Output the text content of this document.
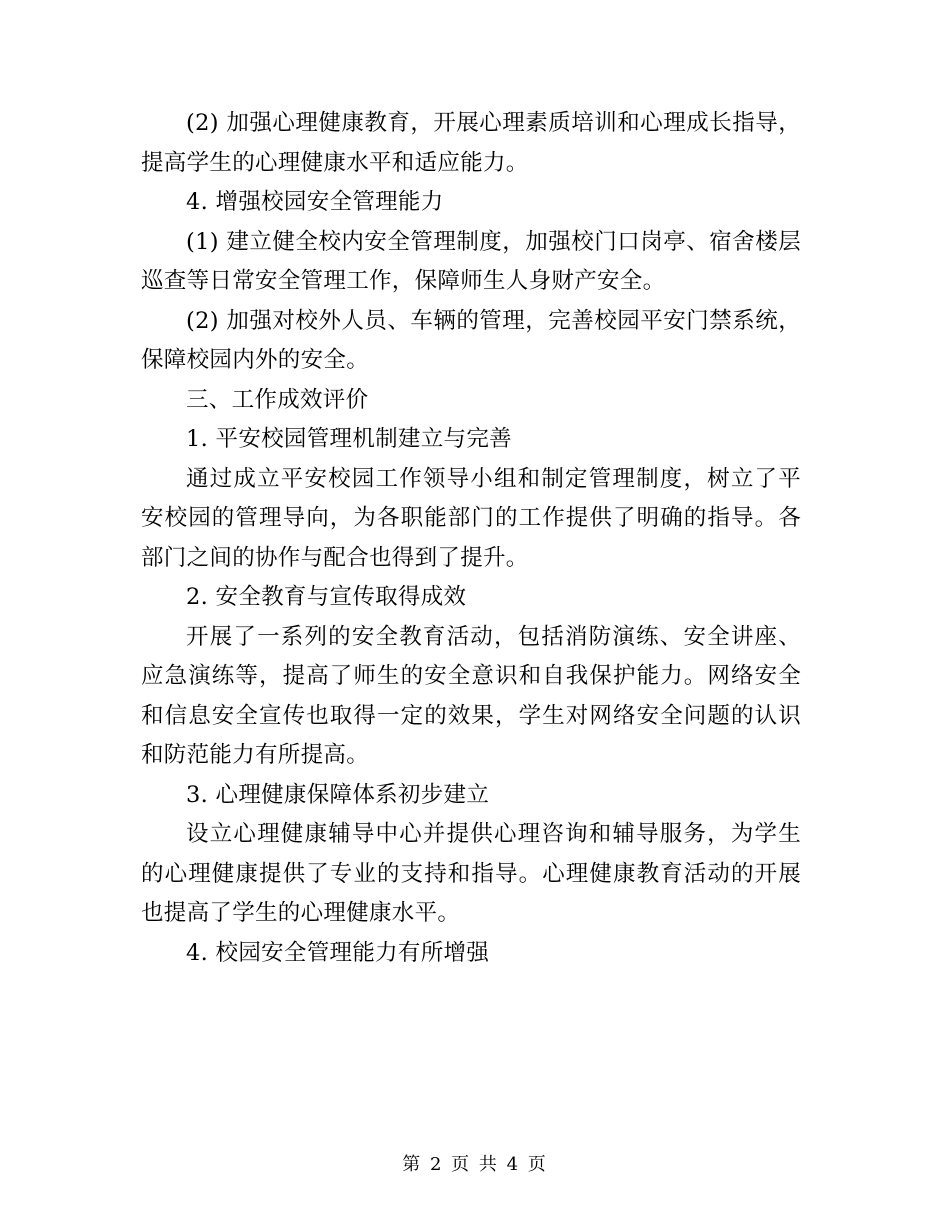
(2) 加强心理健康教育，开展心理素质培训和心理成长指导，提高学生的心理健康水平和适应能力。

4. 增强校园安全管理能力

(1) 建立健全校内安全管理制度，加强校门口岗亭、宿舍楼层巡查等日常安全管理工作，保障师生人身财产安全。

(2) 加强对校外人员、车辆的管理，完善校园平安门禁系统，保障校园内外的安全。

三、工作成效评价

1. 平安校园管理机制建立与完善

通过成立平安校园工作领导小组和制定管理制度，树立了平安校园的管理导向，为各职能部门的工作提供了明确的指导。各部门之间的协作与配合也得到了提升。

2. 安全教育与宣传取得成效

开展了一系列的安全教育活动，包括消防演练、安全讲座、应急演练等，提高了师生的安全意识和自我保护能力。网络安全和信息安全宣传也取得一定的效果，学生对网络安全问题的认识和防范能力有所提高。

3. 心理健康保障体系初步建立

设立心理健康辅导中心并提供心理咨询和辅导服务，为学生的心理健康提供了专业的支持和指导。心理健康教育活动的开展也提高了学生的心理健康水平。

4. 校园安全管理能力有所增强

第 2 页 共 4 页
